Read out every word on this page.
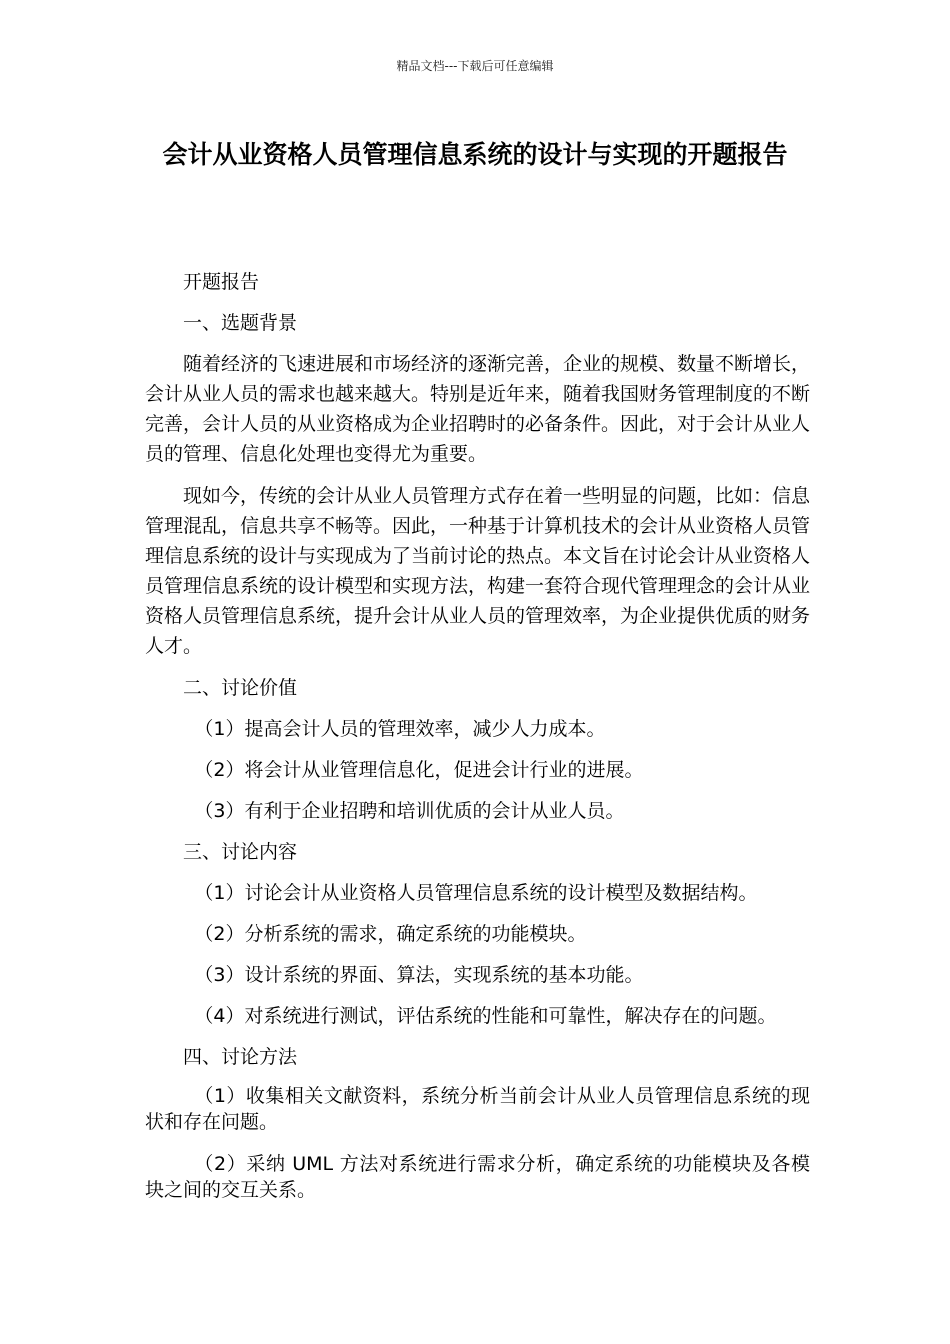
精品文档---下载后可任意编辑
会计从业资格人员管理信息系统的设计与实现的开题报告

开题报告

一、选题背景

随着经济的飞速进展和市场经济的逐渐完善，企业的规模、数量不断增长，会计从业人员的需求也越来越大。特别是近年来，随着我国财务管理制度的不断完善，会计人员的从业资格成为企业招聘时的必备条件。因此，对于会计从业人员的管理、信息化处理也变得尤为重要。

现如今，传统的会计从业人员管理方式存在着一些明显的问题，比如：信息管理混乱，信息共享不畅等。因此，一种基于计算机技术的会计从业资格人员管理信息系统的设计与实现成为了当前讨论的热点。本文旨在讨论会计从业资格人员管理信息系统的设计模型和实现方法，构建一套符合现代管理理念的会计从业资格人员管理信息系统，提升会计从业人员的管理效率，为企业提供优质的财务人才。

二、讨论价值

（1）提高会计人员的管理效率，减少人力成本。

（2）将会计从业管理信息化，促进会计行业的进展。

（3）有利于企业招聘和培训优质的会计从业人员。

三、讨论内容

（1）讨论会计从业资格人员管理信息系统的设计模型及数据结构。

（2）分析系统的需求，确定系统的功能模块。

（3）设计系统的界面、算法，实现系统的基本功能。

（4）对系统进行测试，评估系统的性能和可靠性，解决存在的问题。

四、讨论方法

（1）收集相关文献资料，系统分析当前会计从业人员管理信息系统的现状和存在问题。

（2）采纳 UML 方法对系统进行需求分析，确定系统的功能模块及各模块之间的交互关系。
